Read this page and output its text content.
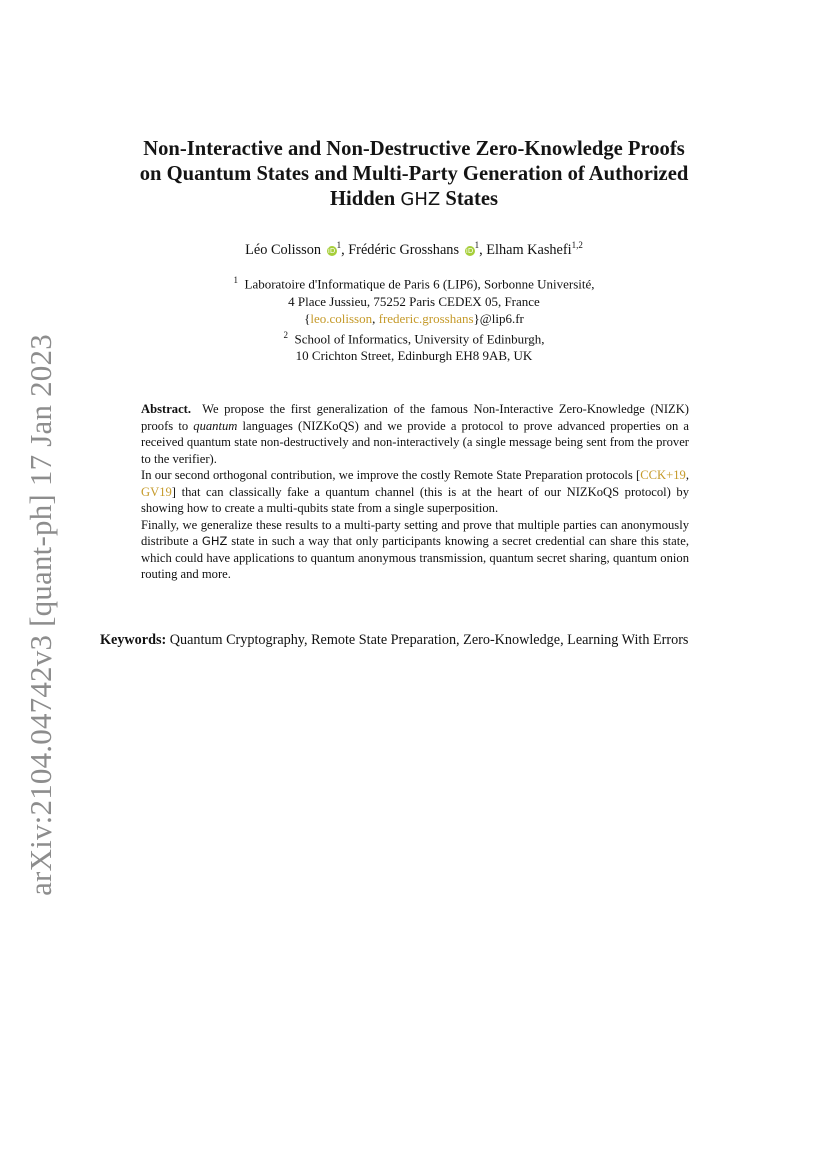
arXiv:2104.04742v3 [quant-ph] 17 Jan 2023
Non-Interactive and Non-Destructive Zero-Knowledge Proofs
on Quantum States and Multi-Party Generation of Authorized
Hidden GHZ States
Léo Colisson $iD^1$, Frédéric Grosshans $iD^1$, Elham Kashefi$^{1,2}$
$^1$ Laboratoire d'Informatique de Paris 6 (LIP6), Sorbonne Université,
4 Place Jussieu, 75252 Paris CEDEX 05, France
{leo.colisson, frederic.grosshans}@lip6.fr
$^2$ School of Informatics, University of Edinburgh,
10 Crichton Street, Edinburgh EH8 9AB, UK

Abstract. We propose the first generalization of the famous Non-Interactive Zero-Knowledge (NIZK) proofs to quantum languages (NIZKoQS) and we provide a protocol to prove advanced properties on a received quantum state non-destructively and non-interactively (a single message being sent from the prover to the verifier).

In our second orthogonal contribution, we improve the costly Remote State Preparation protocols [CCK+19, GV19] that can classically fake a quantum channel (this is at the heart of our NIZKoQS protocol) by showing how to create a multi-qubits state from a single superposition.

Finally, we generalize these results to a multi-party setting and prove that multiple parties can anonymously distribute a GHZ state in such a way that only participants knowing a secret credential can share this state, which could have applications to quantum anonymous transmission, quantum secret sharing, quantum onion routing and more.

Keywords: Quantum Cryptography, Remote State Preparation, Zero-Knowledge, Learning With Errors
